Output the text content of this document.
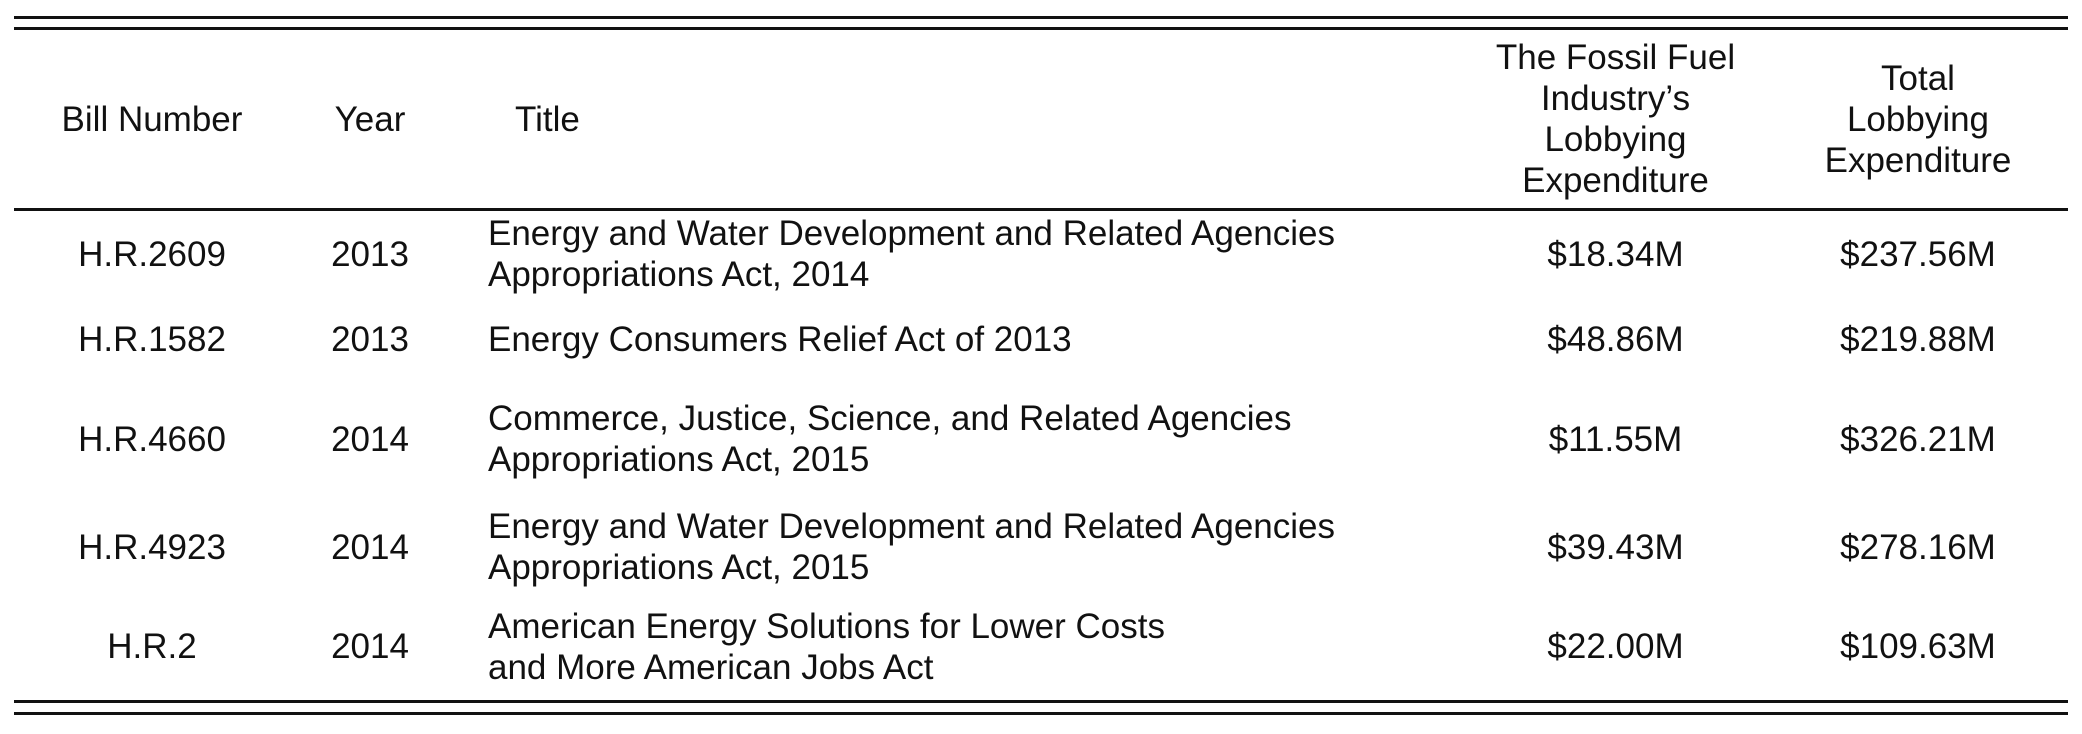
Bill Number	Year	Title	The Fossil Fuel
Industry’s
Lobbying
Expenditure	Total
Lobbying
Expenditure
H.R.2609	2013	Energy and Water Development and Related Agencies
Appropriations Act, 2014	$18.34M	$237.56M
H.R.1582	2013	Energy Consumers Relief Act of 2013	$48.86M	$219.88M
H.R.4660	2014	Commerce, Justice, Science, and Related Agencies
Appropriations Act, 2015	$11.55M	$326.21M
H.R.4923	2014	Energy and Water Development and Related Agencies
Appropriations Act, 2015	$39.43M	$278.16M
H.R.2	2014	American Energy Solutions for Lower Costs
and More American Jobs Act	$22.00M	$109.63M
